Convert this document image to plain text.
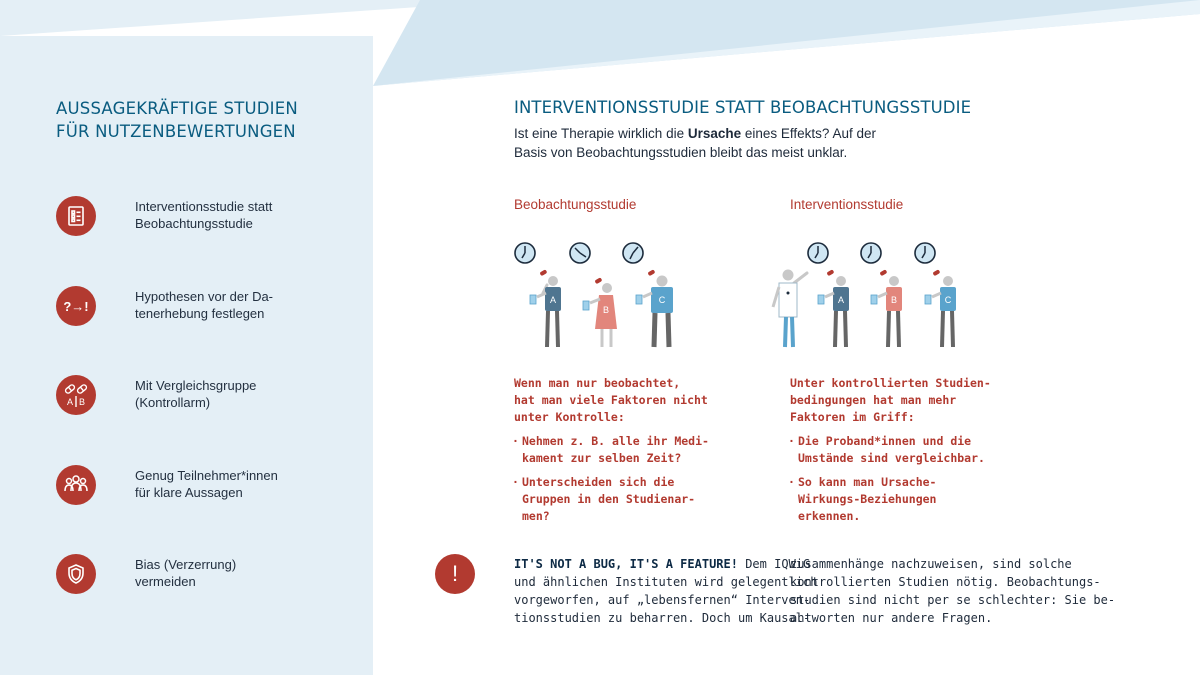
AUSSAGEKRÄFTIGE STUDIEN
FÜR NUTZENBEWERTUNGEN
Interventionsstudie statt
Beobachtungsstudie
?→!
Hypothesen vor der Da-
tenerhebung festlegen
A B
Mit Vergleichsgruppe
(Kontrollarm)
Genug Teilnehmer*innen
für klare Aussagen
Bias (Verzerrung)
vermeiden
INTERVENTIONSSTUDIE STATT BEOBACHTUNGSSTUDIE
Ist eine Therapie wirklich die Ursache eines Effekts? Auf der
Basis von Beobachtungsstudien bleibt das meist unklar.
Beobachtungsstudie	Interventionsstudie
A
B
C	A	B	C
Wenn man nur beobachtet,
hat man viele Faktoren nicht
unter Kontrolle:
· Nehmen z. B. alle ihr Medi-
kament zur selben Zeit?
· Unterscheiden sich die
Gruppen in den Studienar-
men?
Unter kontrollierten Studien-
bedingungen hat man mehr
Faktoren im Griff:
· Die Proband*innen und die
Umstände sind vergleichbar.
· So kann man Ursache-
Wirkungs-Beziehungen
erkennen.
!	IT'S NOT A BUG, IT'S A FEATURE! Dem IQWiG
und ähnlichen Instituten wird gelegentlich
vorgeworfen, auf „lebensfernen“ Interven-
tionsstudien zu beharren. Doch um Kausal-
zusammenhänge nachzuweisen, sind solche
kontrollierten Studien nötig. Beobachtungs-
studien sind nicht per se schlechter: Sie be-
antworten nur andere Fragen.
